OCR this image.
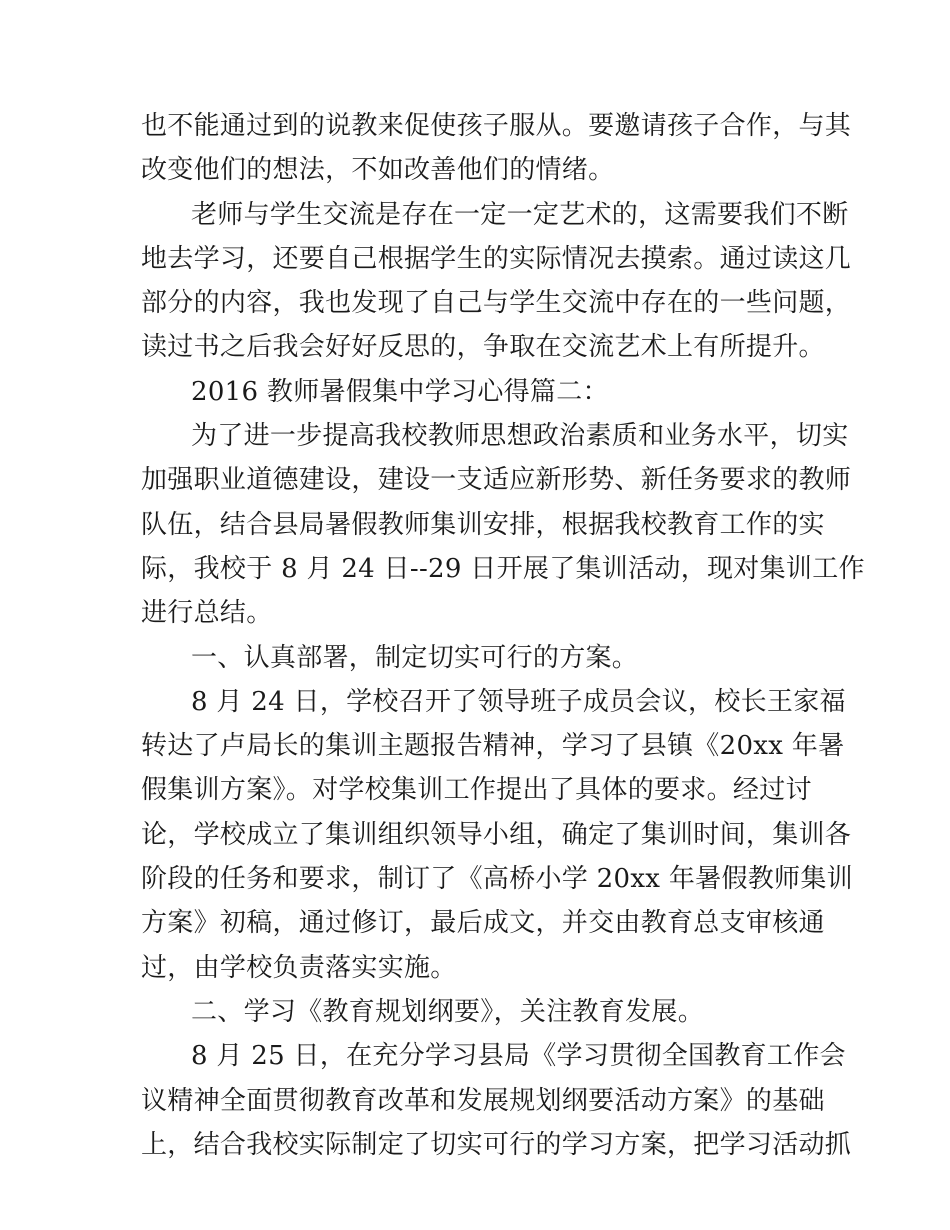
也不能通过到的说教来促使孩子服从。要邀请孩子合作，与其
改变他们的想法，不如改善他们的情绪。
老师与学生交流是存在一定一定艺术的，这需要我们不断
地去学习，还要自己根据学生的实际情况去摸索。通过读这几
部分的内容，我也发现了自己与学生交流中存在的一些问题，
读过书之后我会好好反思的，争取在交流艺术上有所提升。
2016 教师暑假集中学习心得篇二：
为了进一步提高我校教师思想政治素质和业务水平，切实
加强职业道德建设，建设一支适应新形势、新任务要求的教师
队伍，结合县局暑假教师集训安排，根据我校教育工作的实
际，我校于 8 月 24 日--29 日开展了集训活动，现对集训工作
进行总结。
一、认真部署，制定切实可行的方案。
8 月 24 日，学校召开了领导班子成员会议，校长王家福
转达了卢局长的集训主题报告精神，学习了县镇《20xx 年暑
假集训方案》。对学校集训工作提出了具体的要求。经过讨
论，学校成立了集训组织领导小组，确定了集训时间，集训各
阶段的任务和要求，制订了《高桥小学 20xx 年暑假教师集训
方案》初稿，通过修订，最后成文，并交由教育总支审核通
过，由学校负责落实实施。
二、学习《教育规划纲要》，关注教育发展。
8 月 25 日，在充分学习县局《学习贯彻全国教育工作会
议精神全面贯彻教育改革和发展规划纲要活动方案》的基础
上，结合我校实际制定了切实可行的学习方案，把学习活动抓
